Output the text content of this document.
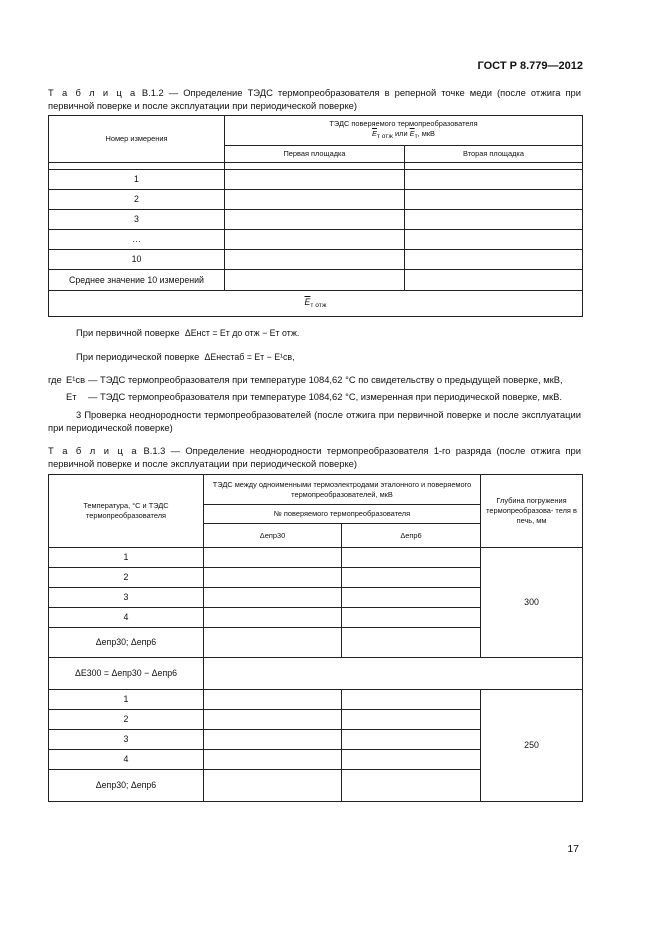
ГОСТ Р 8.779—2012
Т а б л и ц а В.1.2 — Определение ТЭДС термопреобразователя в реперной точке меди (после отжига при первичной поверке и после эксплуатации при периодической поверке)
Номер измерения	ТЭДС поверяемого термопреобразователя
$\overline{E}_{т отж}$ или $\overline{E}_т$, мкВ	

	Первая площадка	Вторая площадка

1		
2		
3		
…		
10		
Среднее значение 10 измерений		
$\overline{E}_{т отж}$
При первичной поверке ΔEнст = Eт до отж − Eт отж.
При периодической поверке ΔEнестаб = Eт − E¹св,
где E¹св — ТЭДС термопреобразователя при температуре 1084,62 °С по свидетельству о предыдущей поверке, мкВ,
Eт — ТЭДС термопреобразователя при температуре 1084,62 °С, измеренная при периодической поверке, мкВ.
3 Проверка неоднородности термопреобразователей (после отжига при первичной поверке и после эксплуатации при периодической поверке)
Т а б л и ц а В.1.3 — Определение неоднородности термопреобразователя 1-го разряда (после отжига при первичной поверке и после эксплуатации при периодической поверке)
Температура, °С и ТЭДС термопреобразователя	ТЭДС между одноименными термоэлектродами эталонного и поверяемого термопреобразователей, мкВ		Глубина погружения термопреобразова- теля в печь, мм
	№ поверяемого термопреобразователя		
	Δeпр30	Δeпр6	
1			300
2			
3			
4			
Δeпр30; Δeпр6			
ΔE300 = Δeпр30 − Δeпр6			
1			250
2			
3			
4			
Δeпр30; Δeпр6			
17
